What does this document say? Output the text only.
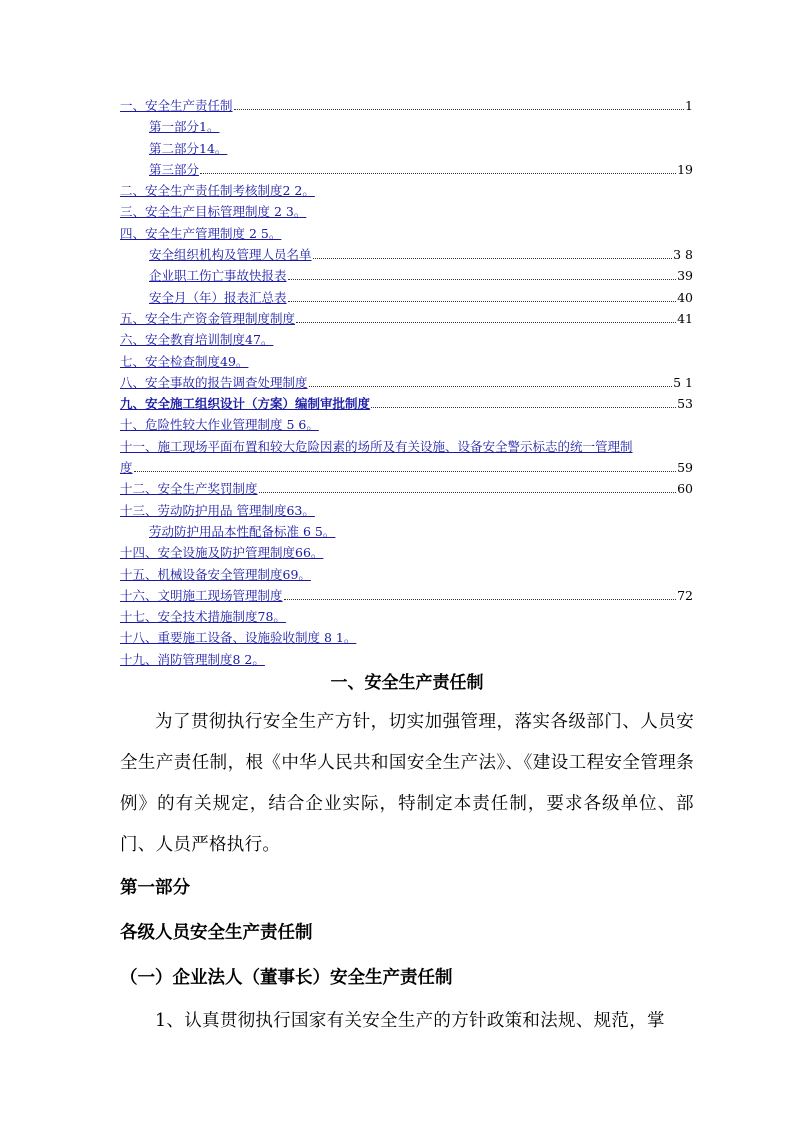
一、安全生产责任制	1
第一部分1。
第二部分14。
第三部分	19
二、安全生产责任制考核制度2 2。
三、安全生产目标管理制度 2 3。
四、安全生产管理制度 2 5。
安全组织机构及管理人员名单	3 8
企业职工伤亡事故快报表	39
安全月（年）报表汇总表	40
五、安全生产资金管理制度制度	41
六、安全教育培训制度47。
七、安全检查制度49。
八、安全事故的报告调查处理制度	5 1
九、安全施工组织设计（方案）编制审批制度	53
十、危险性较大作业管理制度 5 6。
十一、施工现场平面布置和较大危险因素的场所及有关设施、设备安全警示标志的统一管理制
度	59
十二、安全生产奖罚制度	60
十三、劳动防护用品 管理制度63。
劳动防护用品本性配备标准 6 5。
十四、安全设施及防护管理制度66。
十五、机械设备安全管理制度69。
十六、文明施工现场管理制度	72
十七、安全技术措施制度78。
十八、重要施工设备、设施验收制度 8 1。
十九、消防管理制度8 2。
一、安全生产责任制
为了贯彻执行安全生产方针，切实加强管理，落实各级部门、人员安全生产责任制，根《中华人民共和国安全生产法》、《建设工程安全管理条例》的有关规定，结合企业实际，特制定本责任制，要求各级单位、部门、人员严格执行。
第一部分
各级人员安全生产责任制
（一）企业法人（董事长）安全生产责任制
1、认真贯彻执行国家有关安全生产的方针政策和法规、规范，掌
